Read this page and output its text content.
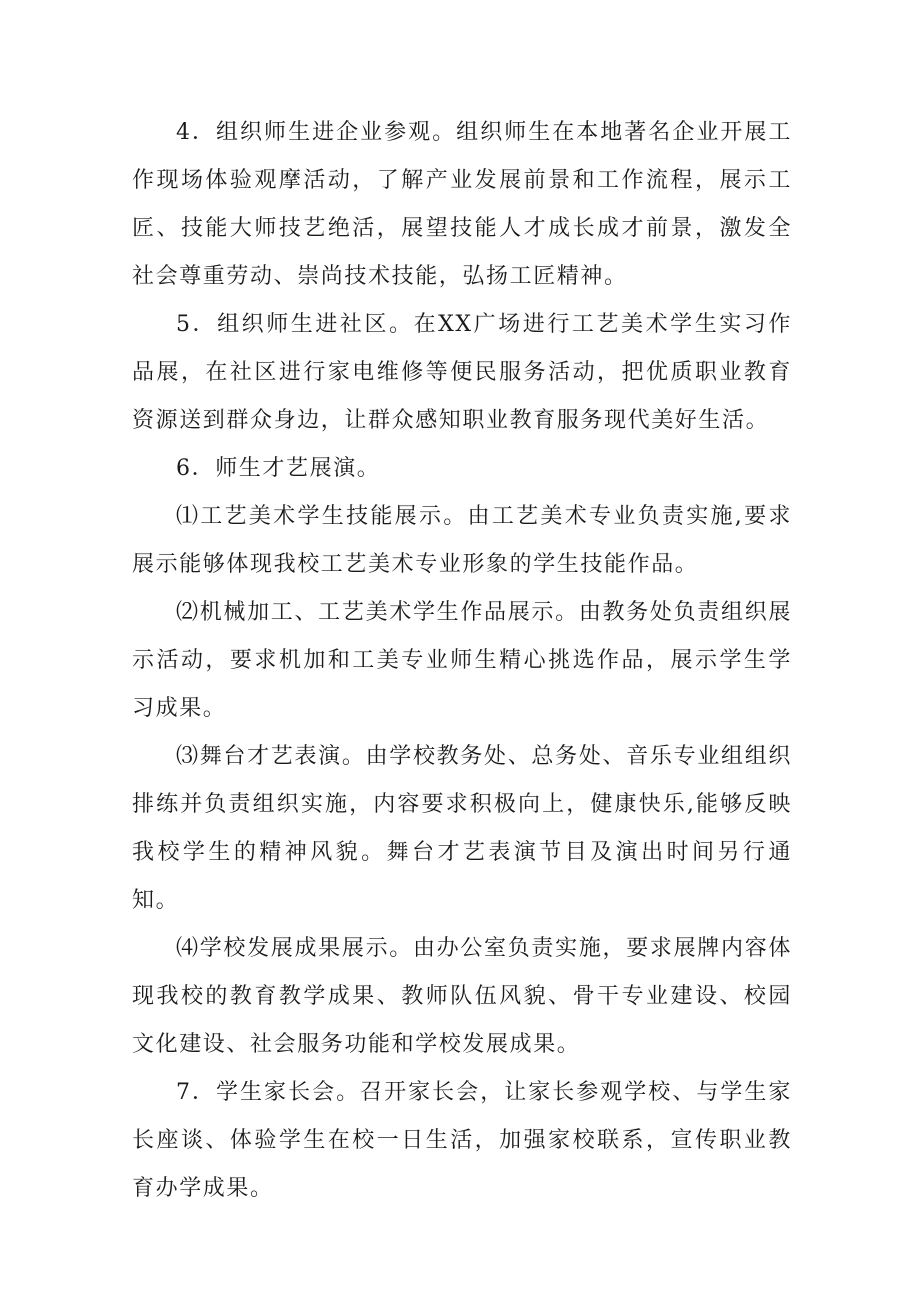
4．组织师生进企业参观。组织师生在本地著名企业开展工作现场体验观摩活动，了解产业发展前景和工作流程，展示工匠、技能大师技艺绝活，展望技能人才成长成才前景，激发全社会尊重劳动、崇尚技术技能，弘扬工匠精神。

5．组织师生进社区。在XX广场进行工艺美术学生实习作品展，在社区进行家电维修等便民服务活动，把优质职业教育资源送到群众身边，让群众感知职业教育服务现代美好生活。

6．师生才艺展演。

⑴工艺美术学生技能展示。由工艺美术专业负责实施,要求展示能够体现我校工艺美术专业形象的学生技能作品。

⑵机械加工、工艺美术学生作品展示。由教务处负责组织展示活动，要求机加和工美专业师生精心挑选作品，展示学生学习成果。

⑶舞台才艺表演。由学校教务处、总务处、音乐专业组组织排练并负责组织实施，内容要求积极向上，健康快乐,能够反映我校学生的精神风貌。舞台才艺表演节目及演出时间另行通知。

⑷学校发展成果展示。由办公室负责实施，要求展牌内容体现我校的教育教学成果、教师队伍风貌、骨干专业建设、校园文化建设、社会服务功能和学校发展成果。

7．学生家长会。召开家长会，让家长参观学校、与学生家长座谈、体验学生在校一日生活，加强家校联系，宣传职业教育办学成果。
